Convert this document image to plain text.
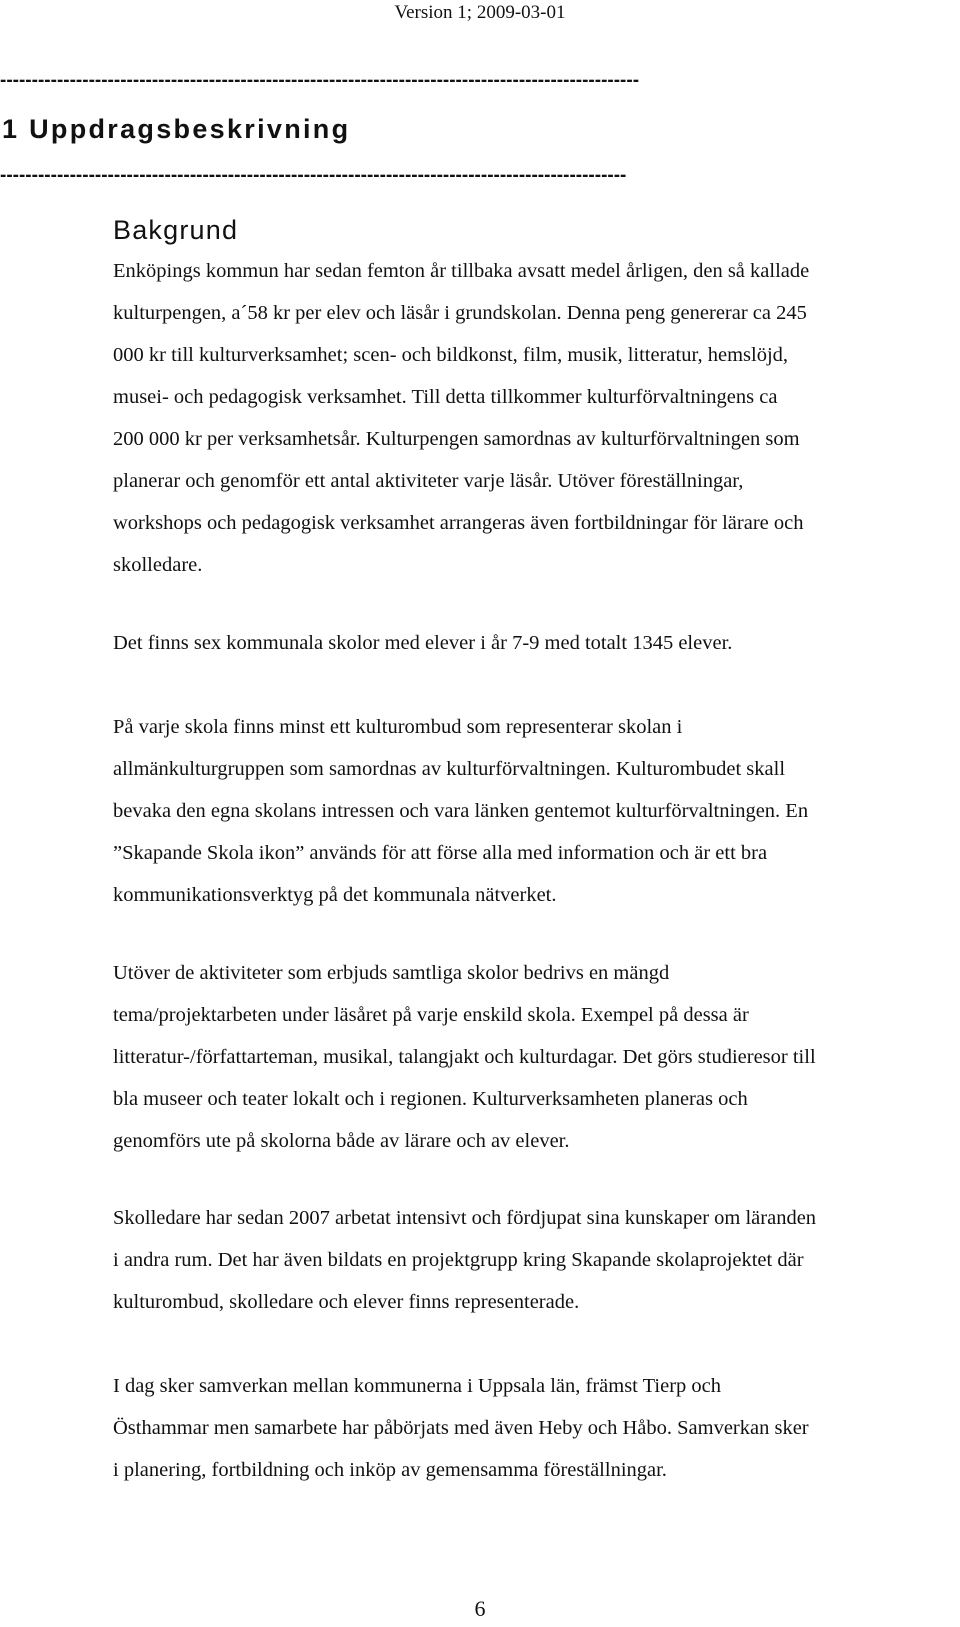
Version 1; 2009-03-01
-----------------------------------------------------------------------------------------------------
1 Uppdragsbeskrivning
---------------------------------------------------------------------------------------------------
Bakgrund
Enköpings kommun har sedan femton år tillbaka avsatt medel årligen, den så kallade
kulturpengen, a´58 kr per elev och läsår i grundskolan. Denna peng genererar ca 245
000 kr till kulturverksamhet; scen- och bildkonst, film, musik, litteratur, hemslöjd,
musei- och pedagogisk verksamhet. Till detta tillkommer kulturförvaltningens ca
200 000 kr per verksamhetsår. Kulturpengen samordnas av kulturförvaltningen som
planerar och genomför ett antal aktiviteter varje läsår. Utöver föreställningar,
workshops och pedagogisk verksamhet arrangeras även fortbildningar för lärare och
skolledare.
Det finns sex kommunala skolor med elever i år 7-9 med totalt 1345 elever.
På varje skola finns minst ett kulturombud som representerar skolan i
allmänkulturgruppen som samordnas av kulturförvaltningen. Kulturombudet skall
bevaka den egna skolans intressen och vara länken gentemot kulturförvaltningen. En
”Skapande Skola ikon” används för att förse alla med information och är ett bra
kommunikationsverktyg på det kommunala nätverket.
Utöver de aktiviteter som erbjuds samtliga skolor bedrivs en mängd
tema/projektarbeten under läsåret på varje enskild skola. Exempel på dessa är
litteratur-/författarteman, musikal, talangjakt och kulturdagar. Det görs studieresor till
bla museer och teater lokalt och i regionen. Kulturverksamheten planeras och
genomförs ute på skolorna både av lärare och av elever.
Skolledare har sedan 2007 arbetat intensivt och fördjupat sina kunskaper om läranden
i andra rum. Det har även bildats en projektgrupp kring Skapande skolaprojektet där
kulturombud, skolledare och elever finns representerade.
I dag sker samverkan mellan kommunerna i Uppsala län, främst Tierp och
Östhammar men samarbete har påbörjats med även Heby och Håbo. Samverkan sker
i planering, fortbildning och inköp av gemensamma föreställningar.
6
